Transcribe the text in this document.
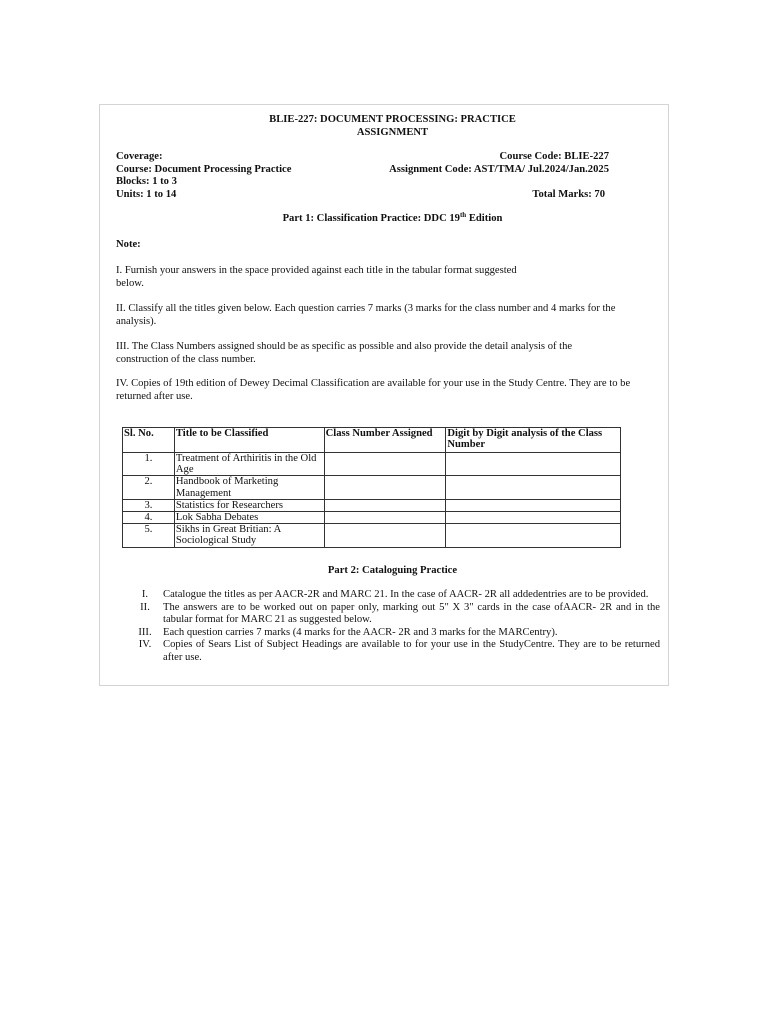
BLIE-227: DOCUMENT PROCESSING: PRACTICE
ASSIGNMENT
Coverage:
Course: Document Processing Practice
Blocks: 1 to 3
Units: 1 to 14
Course Code: BLIE-227
Assignment Code: AST/TMA/ Jul.2024/Jan.2025
Total Marks: 70
Part 1: Classification Practice: DDC 19th Edition
Note:
I. Furnish your answers in the space provided against each title in the tabular format suggested below.
II. Classify all the titles given below. Each question carries 7 marks (3 marks for the class number and 4 marks for the analysis).
III. The Class Numbers assigned should be as specific as possible and also provide the detail analysis of the construction of the class number.
IV. Copies of 19th edition of Dewey Decimal Classification are available for your use in the Study Centre. They are to be returned after use.
Sl. No.	Title to be Classified	Class Number Assigned	Digit by Digit analysis of the Class Number
1.	Treatment of Arthiritis in the Old Age		
2.	Handbook of Marketing Management		
3.	Statistics for Researchers		
4.	Lok Sabha Debates		
5.	Sikhs in Great Britian: A Sociological Study		
Part 2: Cataloguing Practice
I.	Catalogue the titles as per AACR-2R and MARC 21. In the case of AACR- 2R all addedentries are to be provided.
II.	The answers are to be worked out on paper only, marking out 5" X 3" cards in the case ofAACR- 2R and in the tabular format for MARC 21 as suggested below.
III.	Each question carries 7 marks (4 marks for the AACR- 2R and 3 marks for the MARCentry).
IV.	Copies of Sears List of Subject Headings are available to for your use in the StudyCentre. They are to be returned after use.
